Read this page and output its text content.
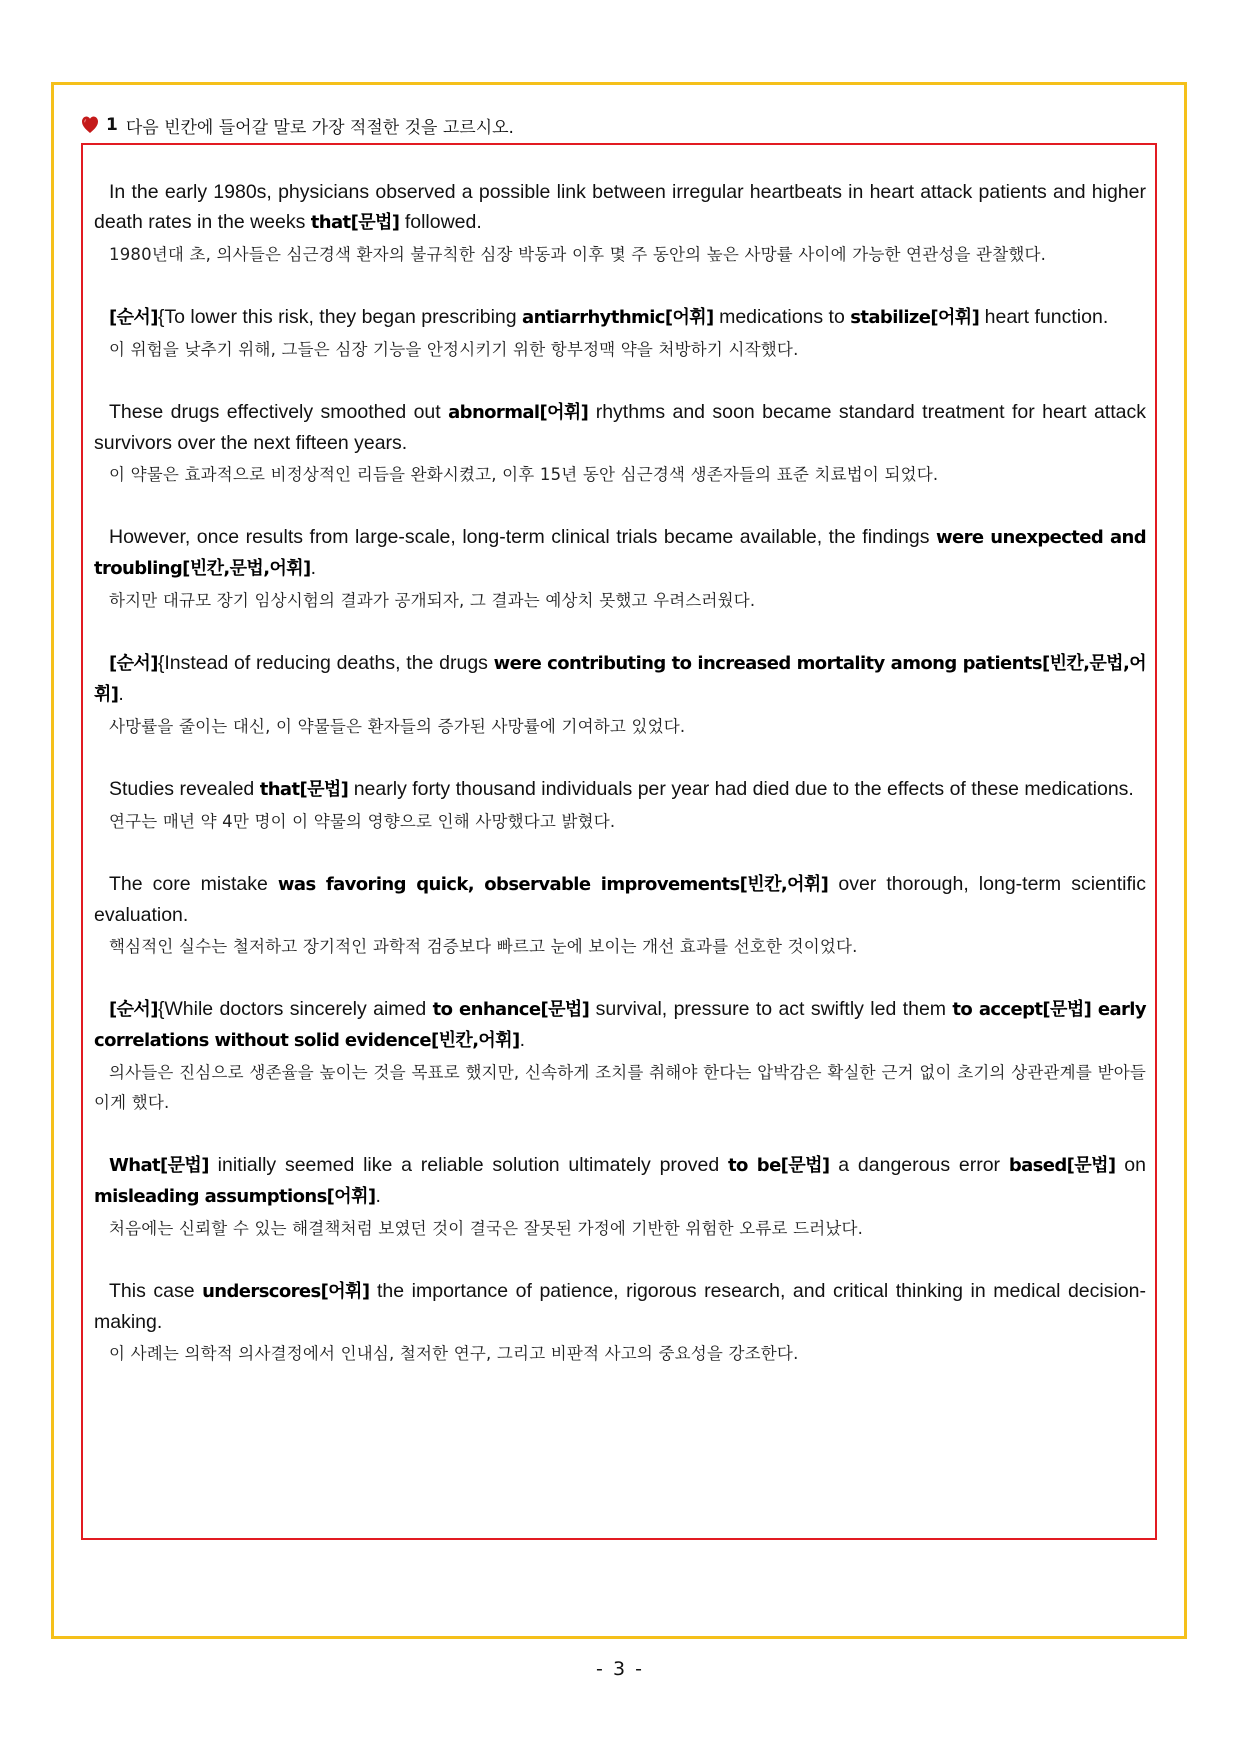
1 다음 빈칸에 들어갈 말로 가장 적절한 것을 고르시오.

In the early 1980s, physicians observed a possible link between irregular heartbeats in heart attack patients and higher death rates in the weeks that[문법] followed.

1980년대 초, 의사들은 심근경색 환자의 불규칙한 심장 박동과 이후 몇 주 동안의 높은 사망률 사이에 가능한 연관성을 관찰했다.

[순서]{To lower this risk, they began prescribing antiarrhythmic[어휘] medications to stabilize[어휘] heart function.

이 위험을 낮추기 위해, 그들은 심장 기능을 안정시키기 위한 항부정맥 약을 처방하기 시작했다.

These drugs effectively smoothed out abnormal[어휘] rhythms and soon became standard treatment for heart attack survivors over the next fifteen years.

이 약물은 효과적으로 비정상적인 리듬을 완화시켰고, 이후 15년 동안 심근경색 생존자들의 표준 치료법이 되었다.

However, once results from large-scale, long-term clinical trials became available, the findings were unexpected and troubling[빈칸,문법,어휘].

하지만 대규모 장기 임상시험의 결과가 공개되자, 그 결과는 예상치 못했고 우려스러웠다.

[순서]{Instead of reducing deaths, the drugs were contributing to increased mortality among patients[빈칸,문법,어휘].

사망률을 줄이는 대신, 이 약물들은 환자들의 증가된 사망률에 기여하고 있었다.

Studies revealed that[문법] nearly forty thousand individuals per year had died due to the effects of these medications.

연구는 매년 약 4만 명이 이 약물의 영향으로 인해 사망했다고 밝혔다.

The core mistake was favoring quick, observable improvements[빈칸,어휘] over thorough, long-term scientific evaluation.

핵심적인 실수는 철저하고 장기적인 과학적 검증보다 빠르고 눈에 보이는 개선 효과를 선호한 것이었다.

[순서]{While doctors sincerely aimed to enhance[문법] survival, pressure to act swiftly led them to accept[문법] early correlations without solid evidence[빈칸,어휘].

의사들은 진심으로 생존율을 높이는 것을 목표로 했지만, 신속하게 조치를 취해야 한다는 압박감은 확실한 근거 없이 초기의 상관관계를 받아들이게 했다.

What[문법] initially seemed like a reliable solution ultimately proved to be[문법] a dangerous error based[문법] on misleading assumptions[어휘].

처음에는 신뢰할 수 있는 해결책처럼 보였던 것이 결국은 잘못된 가정에 기반한 위험한 오류로 드러났다.

This case underscores[어휘] the importance of patience, rigorous research, and critical thinking in medical decision-making.

이 사례는 의학적 의사결정에서 인내심, 철저한 연구, 그리고 비판적 사고의 중요성을 강조한다.

- 3 -
